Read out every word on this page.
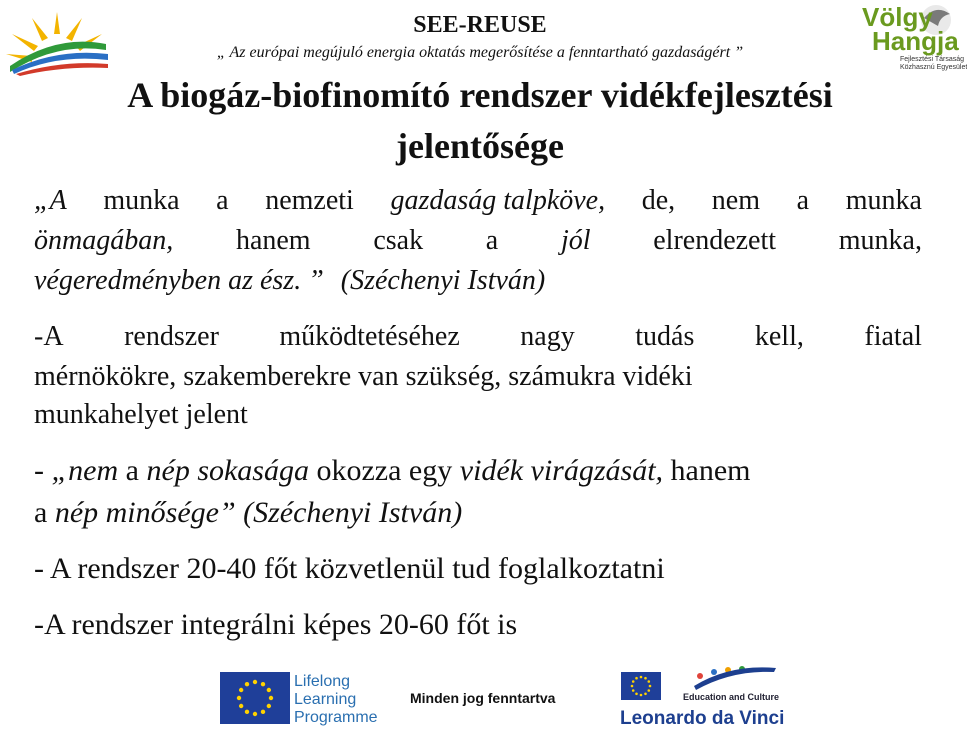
SEE-REUSE
„ Az európai megújuló energia oktatás megerősítése a fenntartható gazdaságért ”
Völgy
Hangja
Fejlesztési Társaság
Közhasznú Egyesület
A biogáz-biofinomító rendszer vidékfejlesztési
jelentősége
„A munka a nemzeti gazdaság talpköve, de, nem a munka
önmagában, hanem csak a jól elrendezett munka,
végeredményben az ész. ” (Széchenyi István)
-A rendszer működtetéséhez nagy tudás kell, fiatal
mérnökökre, szakemberekre van szükség, számukra vidéki
munkahelyet jelent
- „nem a nép sokasága okozza egy vidék virágzását, hanem
a nép minősége” (Széchenyi István)
- A rendszer 20-40 főt közvetlenül tud foglalkoztatni
-A rendszer integrálni képes 20-60 főt is
Lifelong
Learning
Programme
Minden jog fenntartva	Education and Culture
Leonardo da Vinci
